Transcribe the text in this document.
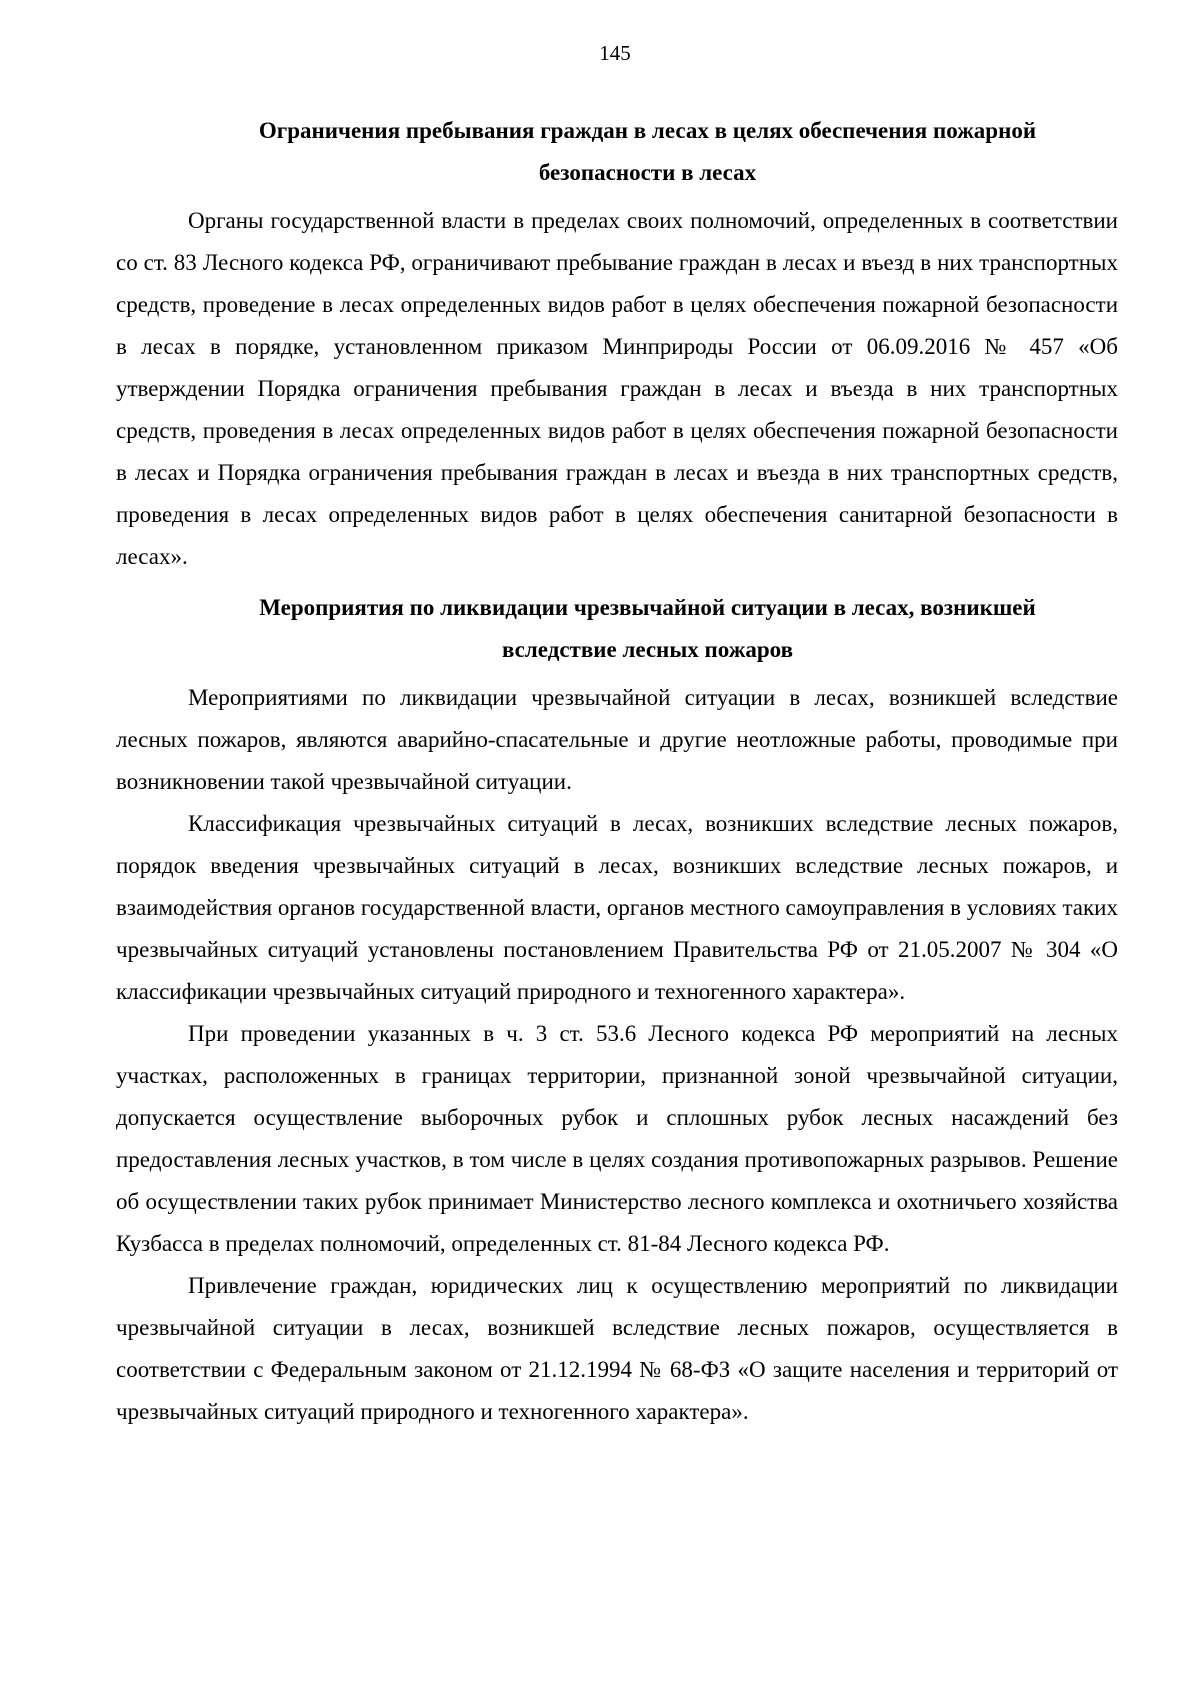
145
Ограничения пребывания граждан в лесах в целях обеспечения пожарной безопасности в лесах

Органы государственной власти в пределах своих полномочий, определенных в соответствии со ст. 83 Лесного кодекса РФ, ограничивают пребывание граждан в лесах и въезд в них транспортных средств, проведение в лесах определенных видов работ в целях обеспечения пожарной безопасности в лесах в порядке, установленном приказом Минприроды России от 06.09.2016 № 457 «Об утверждении Порядка ограничения пребывания граждан в лесах и въезда в них транспортных средств, проведения в лесах определенных видов работ в целях обеспечения пожарной безопасности в лесах и Порядка ограничения пребывания граждан в лесах и въезда в них транспортных средств, проведения в лесах определенных видов работ в целях обеспечения санитарной безопасности в лесах».

Мероприятия по ликвидации чрезвычайной ситуации в лесах, возникшей вследствие лесных пожаров

Мероприятиями по ликвидации чрезвычайной ситуации в лесах, возникшей вследствие лесных пожаров, являются аварийно-спасательные и другие неотложные работы, проводимые при возникновении такой чрезвычайной ситуации.

Классификация чрезвычайных ситуаций в лесах, возникших вследствие лесных пожаров, порядок введения чрезвычайных ситуаций в лесах, возникших вследствие лесных пожаров, и взаимодействия органов государственной власти, органов местного самоуправления в условиях таких чрезвычайных ситуаций установлены постановлением Правительства РФ от 21.05.2007 № 304 «О классификации чрезвычайных ситуаций природного и техногенного характера».

При проведении указанных в ч. 3 ст. 53.6 Лесного кодекса РФ мероприятий на лесных участках, расположенных в границах территории, признанной зоной чрезвычайной ситуации, допускается осуществление выборочных рубок и сплошных рубок лесных насаждений без предоставления лесных участков, в том числе в целях создания противопожарных разрывов. Решение об осуществлении таких рубок принимает Министерство лесного комплекса и охотничьего хозяйства Кузбасса в пределах полномочий, определенных ст. 81-84 Лесного кодекса РФ.

Привлечение граждан, юридических лиц к осуществлению мероприятий по ликвидации чрезвычайной ситуации в лесах, возникшей вследствие лесных пожаров, осуществляется в соответствии с Федеральным законом от 21.12.1994 № 68-ФЗ «О защите населения и территорий от чрезвычайных ситуаций природного и техногенного характера».
